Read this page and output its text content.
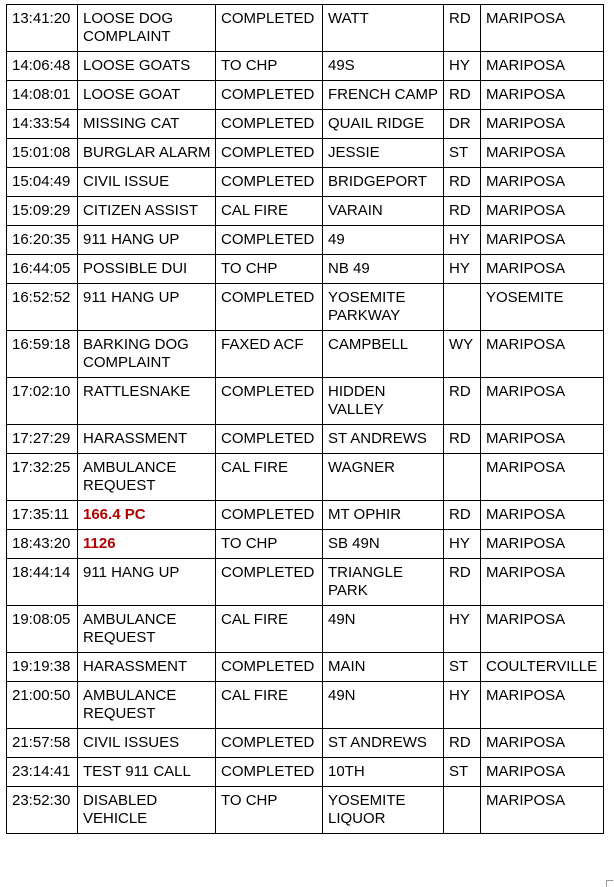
13:41:20	LOOSE DOG COMPLAINT	COMPLETED	WATT	RD	MARIPOSA
14:06:48	LOOSE GOATS	TO CHP	49S	HY	MARIPOSA
14:08:01	LOOSE GOAT	COMPLETED	FRENCH CAMP	RD	MARIPOSA
14:33:54	MISSING CAT	COMPLETED	QUAIL RIDGE	DR	MARIPOSA
15:01:08	BURGLAR ALARM	COMPLETED	JESSIE	ST	MARIPOSA
15:04:49	CIVIL ISSUE	COMPLETED	BRIDGEPORT	RD	MARIPOSA
15:09:29	CITIZEN ASSIST	CAL FIRE	VARAIN	RD	MARIPOSA
16:20:35	911 HANG UP	COMPLETED	49	HY	MARIPOSA
16:44:05	POSSIBLE DUI	TO CHP	NB 49	HY	MARIPOSA
16:52:52	911 HANG UP	COMPLETED	YOSEMITE PARKWAY		YOSEMITE
16:59:18	BARKING DOG COMPLAINT	FAXED ACF	CAMPBELL	WY	MARIPOSA
17:02:10	RATTLESNAKE	COMPLETED	HIDDEN VALLEY	RD	MARIPOSA
17:27:29	HARASSMENT	COMPLETED	ST ANDREWS	RD	MARIPOSA
17:32:25	AMBULANCE REQUEST	CAL FIRE	WAGNER		MARIPOSA
17:35:11	166.4 PC	COMPLETED	MT OPHIR	RD	MARIPOSA
18:43:20	1126	TO CHP	SB 49N	HY	MARIPOSA
18:44:14	911 HANG UP	COMPLETED	TRIANGLE PARK	RD	MARIPOSA
19:08:05	AMBULANCE REQUEST	CAL FIRE	49N	HY	MARIPOSA
19:19:38	HARASSMENT	COMPLETED	MAIN	ST	COULTERVILLE
21:00:50	AMBULANCE REQUEST	CAL FIRE	49N	HY	MARIPOSA
21:57:58	CIVIL ISSUES	COMPLETED	ST ANDREWS	RD	MARIPOSA
23:14:41	TEST 911 CALL	COMPLETED	10TH	ST	MARIPOSA
23:52:30	DISABLED VEHICLE	TO CHP	YOSEMITE LIQUOR		MARIPOSA
